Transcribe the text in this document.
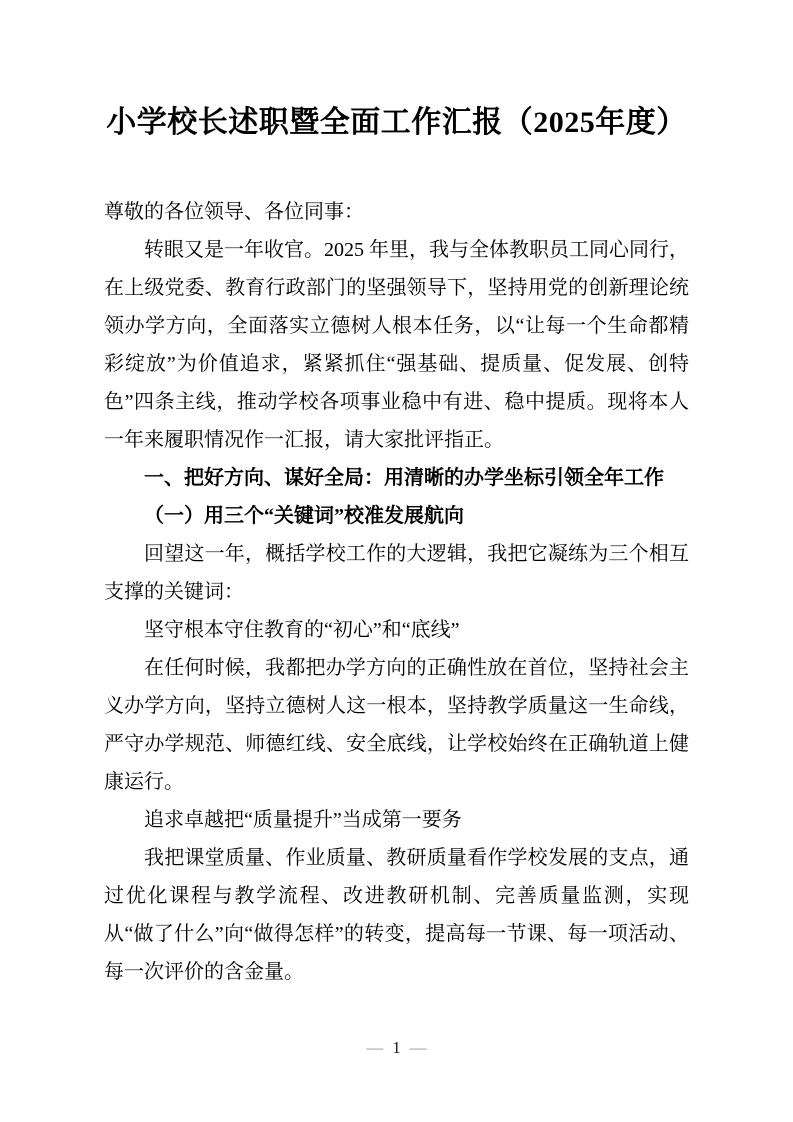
小学校长述职暨全面工作汇报（2025年度）

尊敬的各位领导、各位同事：

转眼又是一年收官。2025 年里，我与全体教职员工同心同行，在上级党委、教育行政部门的坚强领导下，坚持用党的创新理论统领办学方向，全面落实立德树人根本任务，以“让每一个生命都精彩绽放”为价值追求，紧紧抓住“强基础、提质量、促发展、创特色”四条主线，推动学校各项事业稳中有进、稳中提质。现将本人一年来履职情况作一汇报，请大家批评指正。

一、把好方向、谋好全局：用清晰的办学坐标引领全年工作

（一）用三个“关键词”校准发展航向

回望这一年，概括学校工作的大逻辑，我把它凝练为三个相互支撑的关键词：

坚守根本守住教育的“初心”和“底线”

在任何时候，我都把办学方向的正确性放在首位，坚持社会主义办学方向，坚持立德树人这一根本，坚持教学质量这一生命线，严守办学规范、师德红线、安全底线，让学校始终在正确轨道上健康运行。

追求卓越把“质量提升”当成第一要务

我把课堂质量、作业质量、教研质量看作学校发展的支点，通过优化课程与教学流程、改进教研机制、完善质量监测，实现从“做了什么”向“做得怎样”的转变，提高每一节课、每一项活动、每一次评价的含金量。

— 1 —
